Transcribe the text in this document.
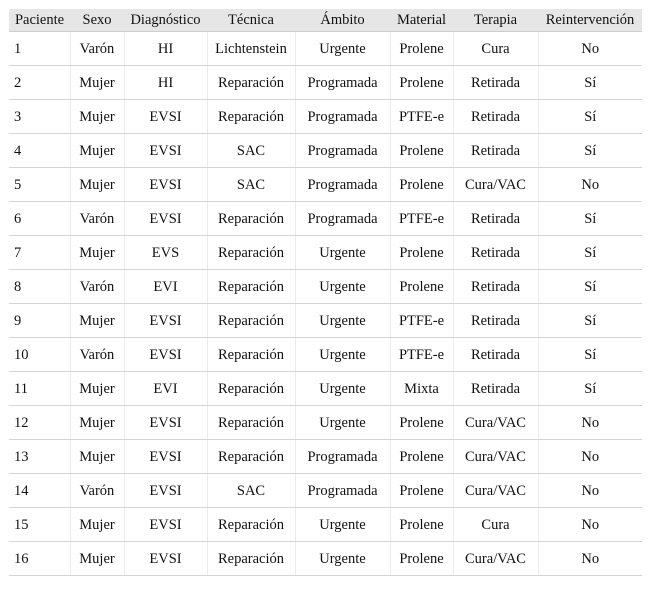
Paciente	Sexo	Diagnóstico	Técnica	Ámbito	Material	Terapia	Reintervención
1	Varón	HI	Lichtenstein	Urgente	Prolene	Cura	No
2	Mujer	HI	Reparación	Programada	Prolene	Retirada	Sí
3	Mujer	EVSI	Reparación	Programada	PTFE-e	Retirada	Sí
4	Mujer	EVSI	SAC	Programada	Prolene	Retirada	Sí
5	Mujer	EVSI	SAC	Programada	Prolene	Cura/VAC	No
6	Varón	EVSI	Reparación	Programada	PTFE-e	Retirada	Sí
7	Mujer	EVS	Reparación	Urgente	Prolene	Retirada	Sí
8	Varón	EVI	Reparación	Urgente	Prolene	Retirada	Sí
9	Mujer	EVSI	Reparación	Urgente	PTFE-e	Retirada	Sí
10	Varón	EVSI	Reparación	Urgente	PTFE-e	Retirada	Sí
11	Mujer	EVI	Reparación	Urgente	Mixta	Retirada	Sí
12	Mujer	EVSI	Reparación	Urgente	Prolene	Cura/VAC	No
13	Mujer	EVSI	Reparación	Programada	Prolene	Cura/VAC	No
14	Varón	EVSI	SAC	Programada	Prolene	Cura/VAC	No
15	Mujer	EVSI	Reparación	Urgente	Prolene	Cura	No
16	Mujer	EVSI	Reparación	Urgente	Prolene	Cura/VAC	No
